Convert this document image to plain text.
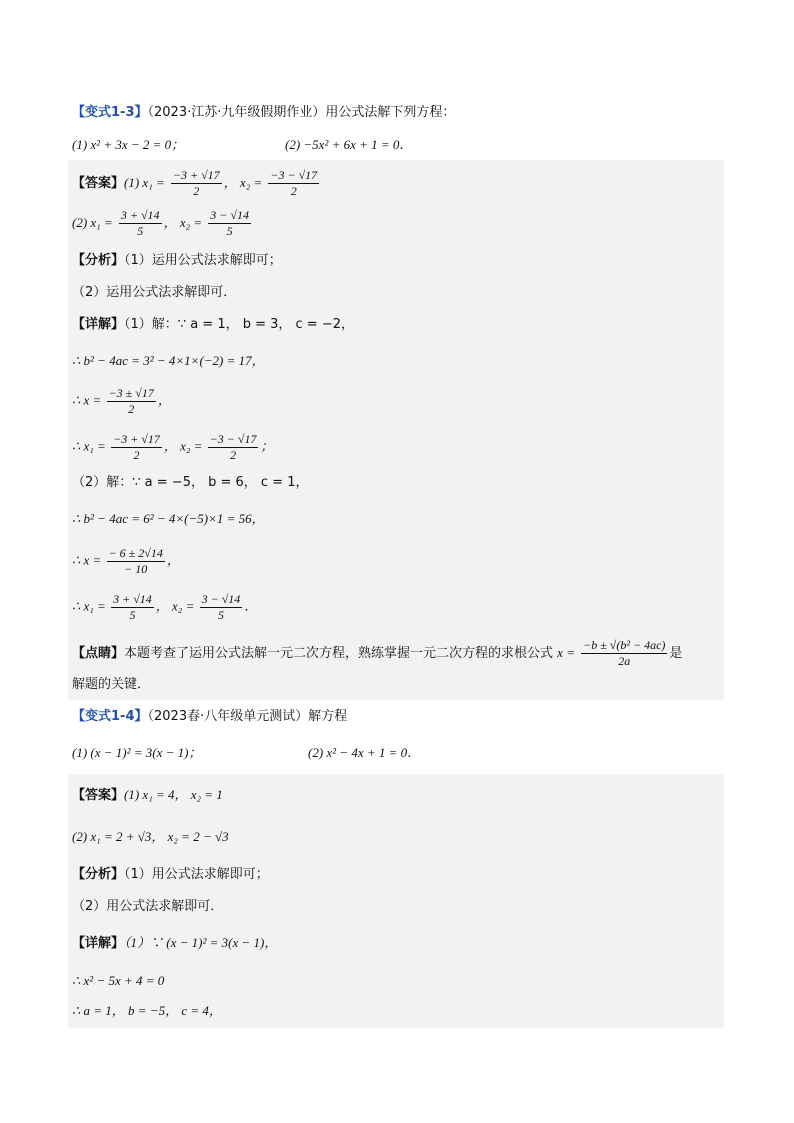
【变式1-3】（2023·江苏·九年级假期作业）用公式法解下列方程：
(1) x² + 3x − 2 = 0；	(2) −5x² + 6x + 1 = 0．
【答案】(1) $x_1 = \frac{-3 + √17}{2}$ ， $x_2 = \frac{-3 - √17}{2}$
(2) $x_1 = \frac{3 + √14}{5}$ ， $x_2 = \frac{3 - √14}{5}$
【分析】（1）运用公式法求解即可；
（2）运用公式法求解即可．
【详解】（1）解：∵ a = 1， b = 3， c = −2，
∴ b² − 4ac = 3² − 4×1×(−2) = 17，
∴ $x = \frac{-3 \pm √17}{2}$ ，
∴ $x_1 = \frac{-3 + √17}{2}$ ， $x_2 = \frac{-3 - √17}{2}$ ；
（2）解：∵ a = −5， b = 6， c = 1，
∴ b² − 4ac = 6² − 4×(−5)×1 = 56，
∴ $x = \frac{- 6 \pm 2√14}{- 10}$ ，
∴ $x_1 = \frac{3 + √14}{5}$ ， $x_2 = \frac{3 - √14}{5}$ ．
【点睛】本题考查了运用公式法解一元二次方程，熟练掌握一元二次方程的求根公式 $x = \frac{\text{−b ± √(b² − 4ac)}}{2a}$ 是
解题的关键．
【变式1-4】（2023春·八年级单元测试）解方程
(1) (x − 1)² = 3(x − 1)；	(2) x² − 4x + 1 = 0．
【答案】(1) x₁ = 4， x₂ = 1
(2) x₁ = 2 + √3， x₂ = 2 − √3
【分析】（1）用公式法求解即可；
（2）用公式法求解即可．
【详解】（1）∵ (x − 1)² = 3(x − 1)，
∴ x² − 5x + 4 = 0
∴ a = 1， b = −5， c = 4，
